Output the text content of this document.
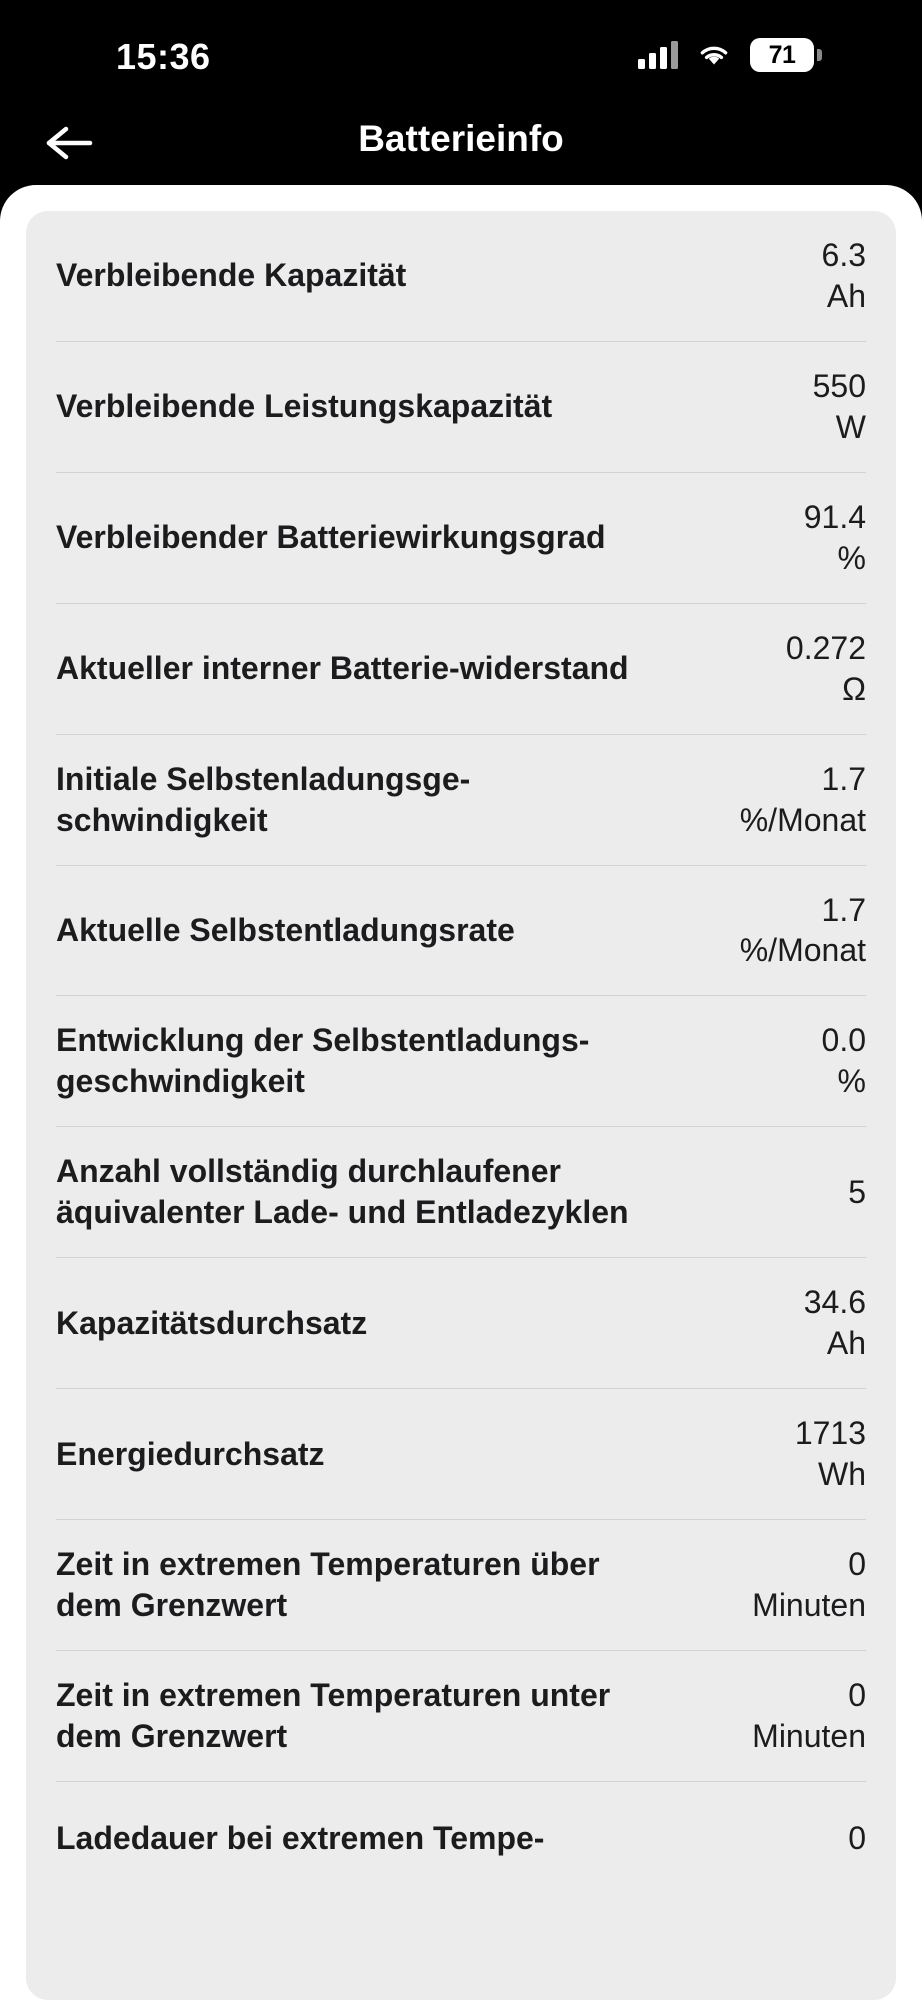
15:36	71
Batterieinfo
Verbleibende Kapazität
6.3
Ah
Verbleibende Leistungskapazität
550
W
Verbleibender Batteriewirkungsgrad
91.4
%
Aktueller interner Batterie-widerstand
0.272
Ω
Initiale Selbstenladungsge-schwindigkeit
1.7
%/Monat
Aktuelle Selbstentladungsrate
1.7
%/Monat
Entwicklung der Selbstentladungs-geschwindigkeit
0.0
%
Anzahl vollständig durchlaufener äquivalenter Lade- und Entladezyklen
5
Kapazitätsdurchsatz
34.6
Ah
Energiedurchsatz
1713
Wh
Zeit in extremen Temperaturen über dem Grenzwert
0
Minuten
Zeit in extremen Temperaturen unter dem Grenzwert
0
Minuten
Ladedauer bei extremen Tempe-	0
